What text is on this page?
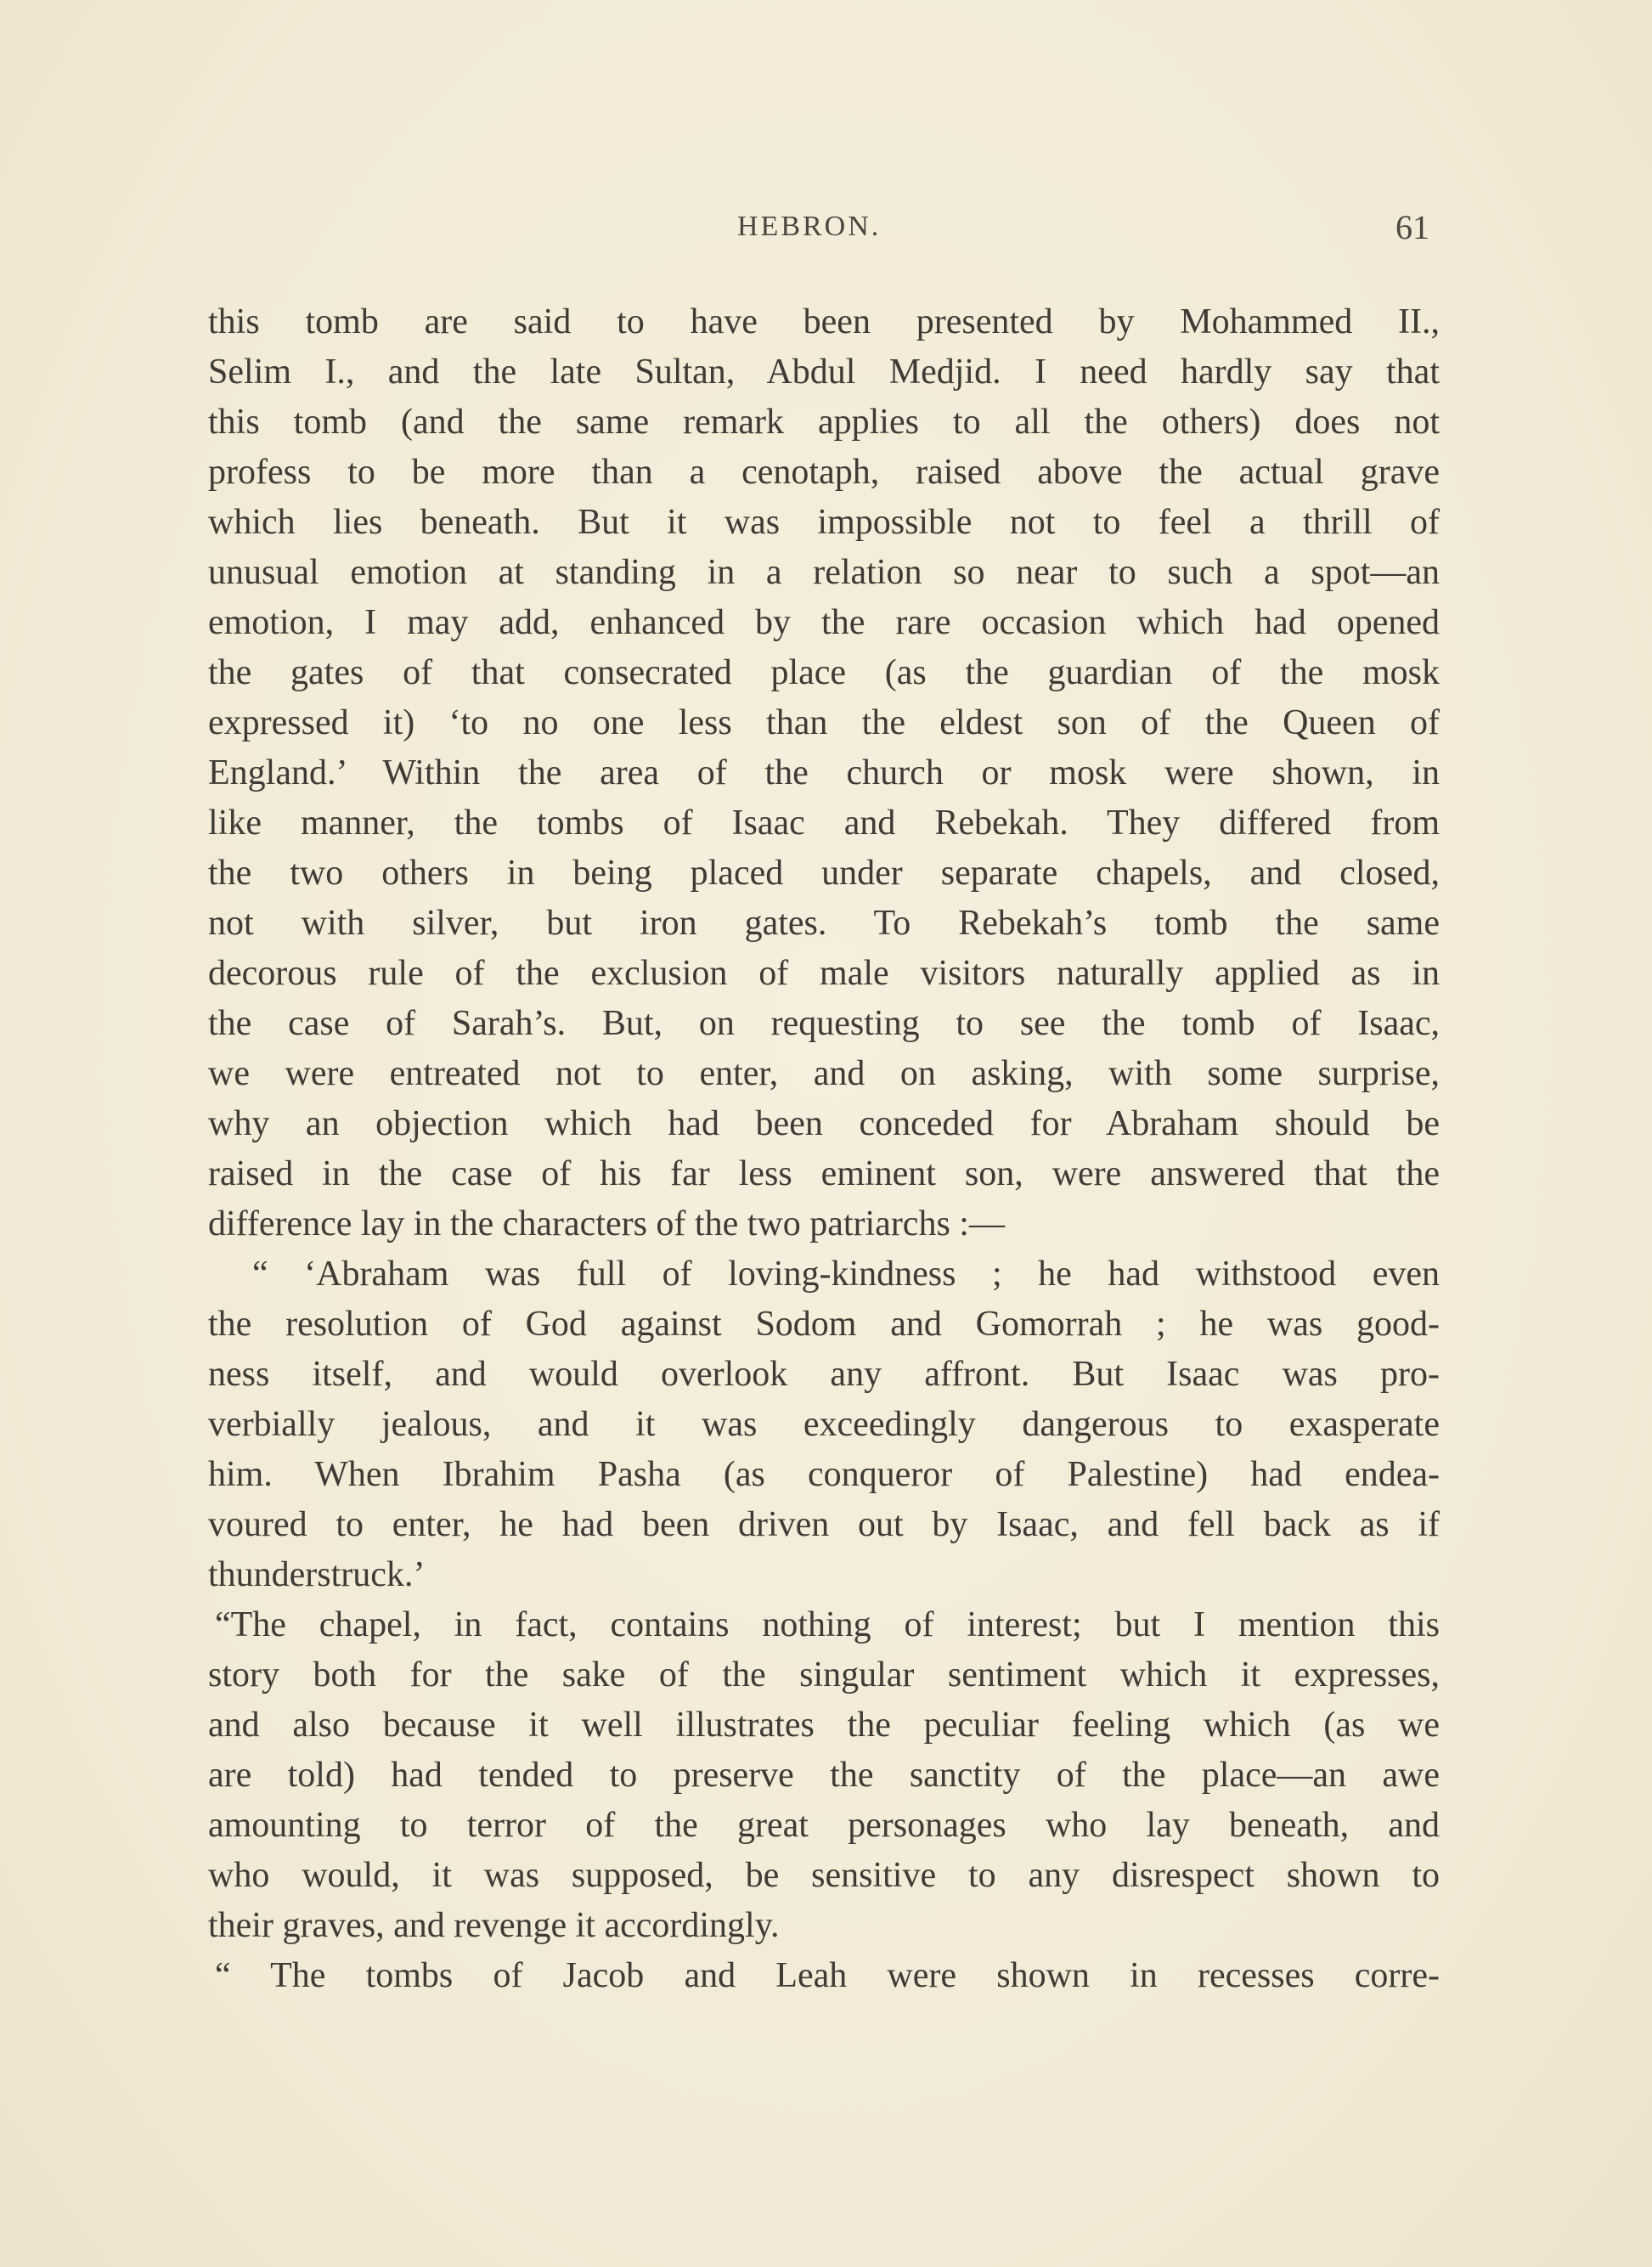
HEBRON.	61
this tomb are said to have been presented by Mohammed II.,
Selim I., and the late Sultan, Abdul Medjid. I need hardly say that
this tomb (and the same remark applies to all the others) does not
profess to be more than a cenotaph, raised above the actual grave
which lies beneath. But it was impossible not to feel a thrill of
unusual emotion at standing in a relation so near to such a spot—an
emotion, I may add, enhanced by the rare occasion which had opened
the gates of that consecrated place (as the guardian of the mosk
expressed it) ‘to no one less than the eldest son of the Queen of
England.’ Within the area of the church or mosk were shown, in
like manner, the tombs of Isaac and Rebekah. They differed from
the two others in being placed under separate chapels, and closed,
not with silver, but iron gates. To Rebekah’s tomb the same
decorous rule of the exclusion of male visitors naturally applied as in
the case of Sarah’s. But, on requesting to see the tomb of Isaac,
we were entreated not to enter, and on asking, with some surprise,
why an objection which had been conceded for Abraham should be
raised in the case of his far less eminent son, were answered that the
difference lay in the characters of the two patriarchs :—
“ ‘Abraham was full of loving-kindness ; he had withstood even
the resolution of God against Sodom and Gomorrah ; he was good-
ness itself, and would overlook any affront. But Isaac was pro-
verbially jealous, and it was exceedingly dangerous to exasperate
him. When Ibrahim Pasha (as conqueror of Palestine) had endea-
voured to enter, he had been driven out by Isaac, and fell back as if
thunderstruck.’
“The chapel, in fact, contains nothing of interest; but I mention this
story both for the sake of the singular sentiment which it expresses,
and also because it well illustrates the peculiar feeling which (as we
are told) had tended to preserve the sanctity of the place—an awe
amounting to terror of the great personages who lay beneath, and
who would, it was supposed, be sensitive to any disrespect shown to
their graves, and revenge it accordingly.
“ The tombs of Jacob and Leah were shown in recesses corre-
